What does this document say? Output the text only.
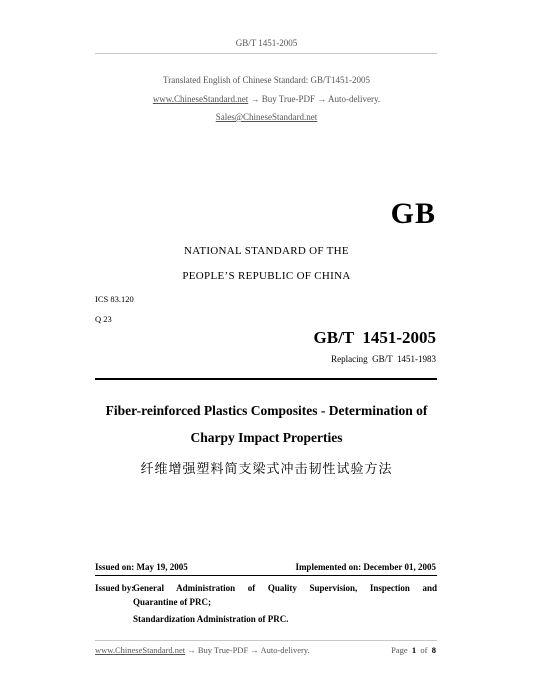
GB/T 1451-2005
Translated English of Chinese Standard: GB/T1451-2005
www.ChineseStandard.net → Buy True-PDF → Auto-delivery.
Sales@ChineseStandard.net
GB
NATIONAL STANDARD OF THE
PEOPLE’S REPUBLIC OF CHINA
ICS 83.120
Q 23
GB/T  1451-2005
Replacing  GB/T  1451-1983
Fiber-reinforced Plastics Composites - Determination of
Charpy Impact Properties
纤维增强塑料简支梁式冲击韧性试验方法
Issued on: May 19, 2005	Implemented on: December 01, 2005
Issued by:
General Administration of Quality Supervision, Inspection and
Quarantine of PRC;
Standardization Administration of PRC.
www.ChineseStandard.net → Buy True-PDF → Auto-delivery.	Page 1 of 8
